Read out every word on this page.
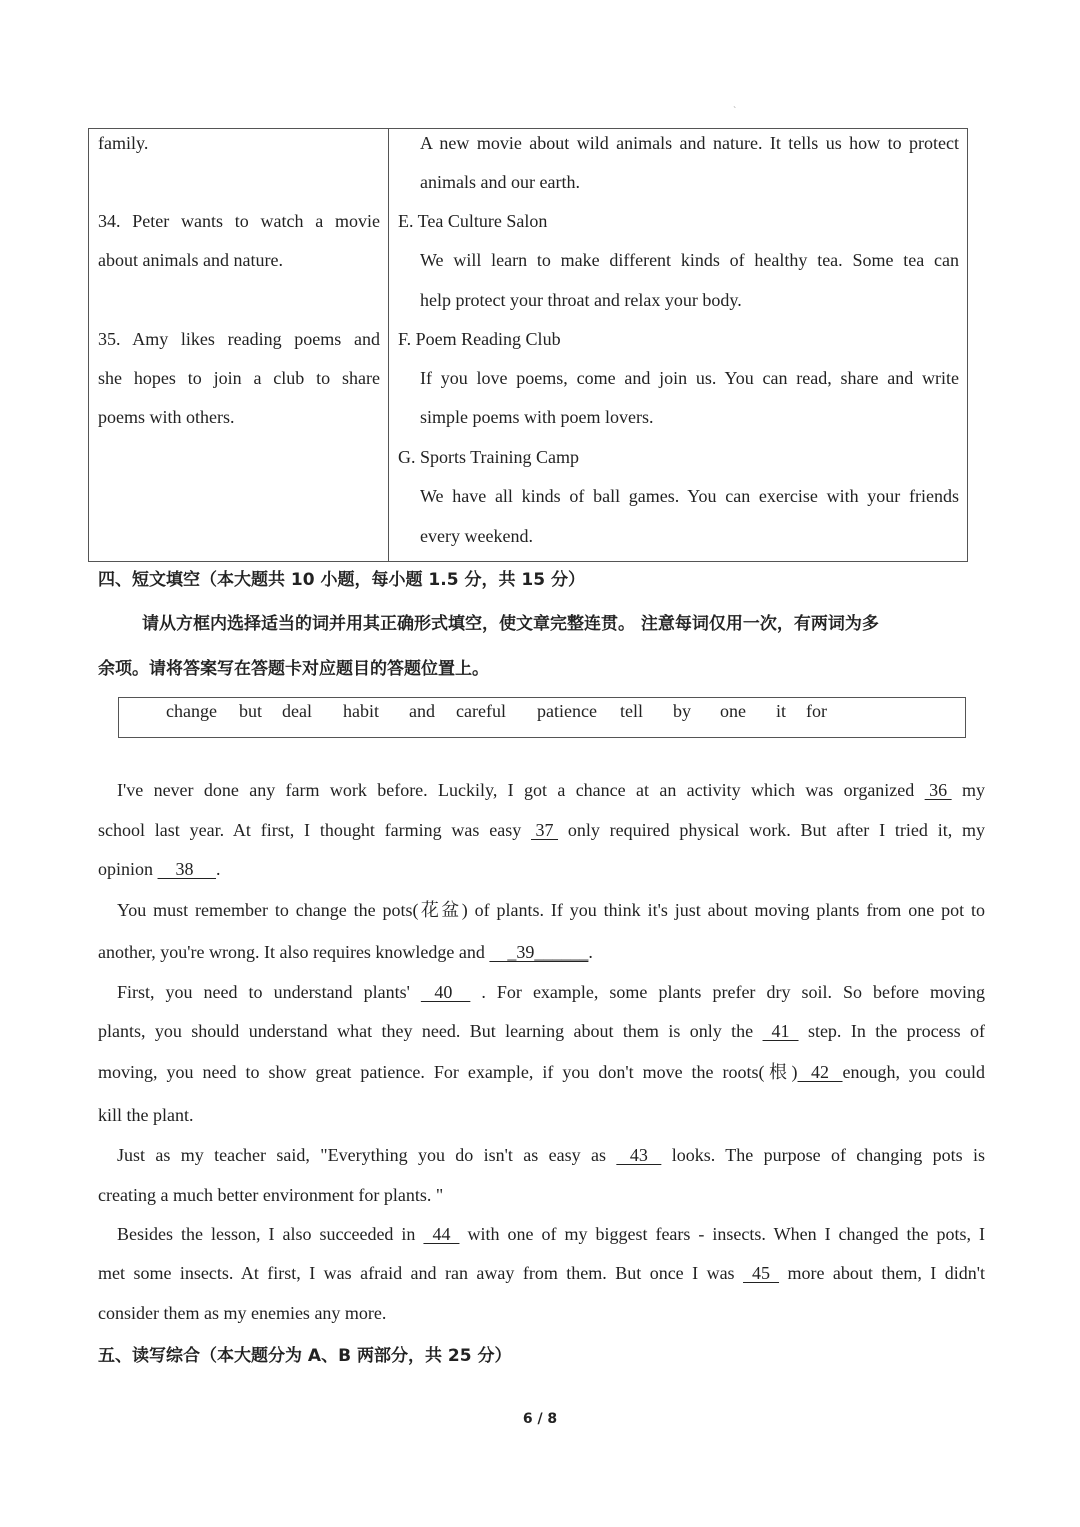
`
family.
34. Peter wants to watch a movie
about animals and nature.
35. Amy likes reading poems and
she hopes to join a club to share
poems with others.
A new movie about wild animals and nature. It tells us how to protect
animals and our earth.
E. Tea Culture Salon
We will learn to make different kinds of healthy tea. Some tea can
help protect your throat and relax your body.
F. Poem Reading Club
If you love poems, come and join us. You can read, share and write
simple poems with poem lovers.
G. Sports Training Camp
We have all kinds of ball games. You can exercise with your friends
every weekend.
四、短文填空（本大题共 10 小题，每小题 1.5 分，共 15 分）
请从方框内选择适当的词并用其正确形式填空，使文章完整连贯。 注意每词仅用一次，有两词为多
余项。请将答案写在答题卡对应题目的答题位置上。
change but deal habit and careful patience tell by one it for
I've never done any farm work before. Luckily, I got a chance at an activity which was organized  36  my
school last year. At first, I thought farming was easy  37  only required physical work. But after I tried it, my
opinion     38     .
You must remember to change the pots(花盆) of plants. If you think it's just about moving plants from one pot to
another, you're wrong. It also requires knowledge and     _39______.
First, you need to understand plants'    40     . For example, some plants prefer dry soil. So before moving
plants, you should understand what they need. But learning about them is only the   41   step. In the process of
moving, you need to show great patience. For example, if you don't move the roots(根)   42   enough, you could
kill the plant.
Just as my teacher said, "Everything you do isn't as easy as    43    looks. The purpose of changing pots is
creating a much better environment for plants. "
Besides the lesson, I also succeeded in   44   with one of my biggest fears - insects. When I changed the pots, I
met some insects. At first, I was afraid and ran away from them. But once I was   45   more about them, I didn't
consider them as my enemies any more.
五、读写综合（本大题分为 A、B 两部分，共 25 分）
6 / 8
